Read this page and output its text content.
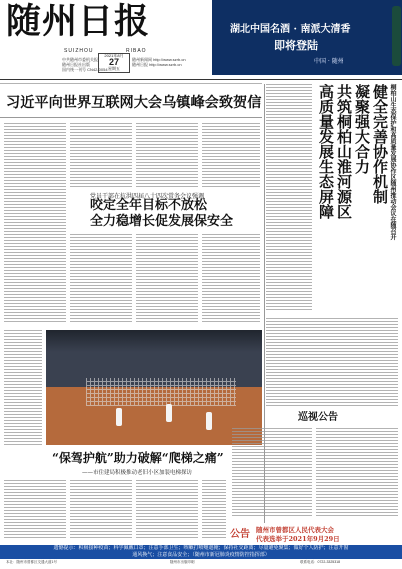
随州日报
SUIZHOU	RIBAO
2021年8月
27
星期五
中共随州市委机关报
随州日报社出版
国内统一刊号 CN42-0054
随州新闻网 http://www.szrb.cn
随州日报 http://www.szrb.cn
湖北中国名酒 · 南派大清香
即将登陆
中国 · 随州
习近平向世界互联网大会乌镇峰会致贺信
党员干部在抗洪四届八十四次常务会议强调
咬定全年目标不放松
全力稳增长促发展保安全
“保驾护航”助力破解“爬梯之痛”
——市住建局积极推动老旧小区加装电梯探访
桐柏山生态保护和高质量发展协作区随州推动会议在随召开
健全完善协作机制
凝聚强大合力
共筑桐柏山淮河源区
高质量发展生态屏障
巡视公告
公告 随州市曾都区人民代表大会
代表选举于2021年9月29日
遗憾提示：积极接种疫苗；科学佩戴口罩；注意手部卫生；咳嗽打喷嚏遮掩；保持社交距离；尽量避免聚集；做好个人防护；注意开窗
通风换气；注意食品安全；（随州市新冠肺炎疫情防控指挥部）
本社：随州市曾都区交通大道1号	随州市出版印刷	联系电话：0722-3325318
